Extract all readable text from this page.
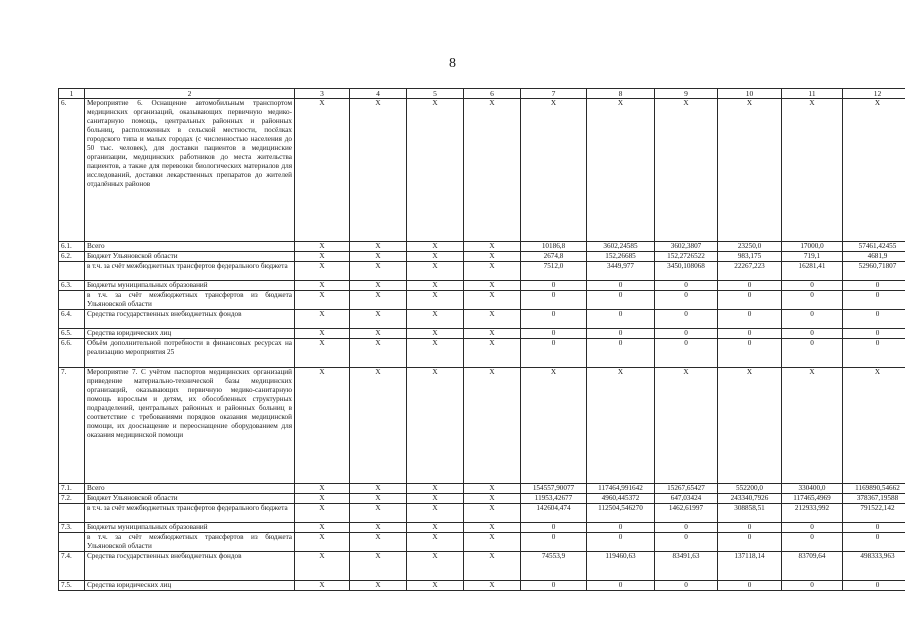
8
1	2	3	4	5	6	7	8	9	10	11	12
6.	Мероприятие 6. Оснащение автомобильным транспортом медицинских организаций, оказывающих первичную медико-санитарную помощь, центральных районных и районных больниц, расположенных в сельской местности, посёлках городского типа и малых городах (с численностью населения до 50 тыс. человек), для доставки пациентов в медицинские организации, медицинских работников до места жительства пациентов, а также для перевозки биологических материалов для исследований, доставки лекарственных препаратов до жителей отдалённых районов	X	X	X	X	X	X	X	X	X	X
6.1.	Всего	X	X	X	X	10186,8	3602,24585	3602,3807	23250,0	17000,0	57461,42455
6.2.	Бюджет Ульяновской области	X	X	X	X	2674,8	152,26685	152,2726522	983,175	719,1	4681,9
	в т.ч. за счёт межбюджетных трансфертов федерального бюджета	X	X	X	X	7512,0	3449,977	3450,108068	22267,223	16281,41	52960,71807
6.3.	Бюджеты муниципальных образований	X	X	X	X	0	0	0	0	0	0
	в т.ч. за счёт межбюджетных трансфертов из бюджета Ульяновской области	X	X	X	X	0	0	0	0	0	0
6.4.	Средства государственных внебюджетных фондов	X	X	X	X	0	0	0	0	0	0
6.5.	Средства юридических лиц	X	X	X	X	0	0	0	0	0	0
6.6.	Объём дополнительной потребности в финансовых ресурсах на реализацию мероприятия 25	X	X	X	X	0	0	0	0	0	0
7.	Мероприятие 7. С учётом паспортов медицинских организаций приведение материально-технической базы медицинских организаций, оказывающих первичную медико-санитарную помощь взрослым и детям, их обособленных структурных подразделений, центральных районных и районных больниц в соответствие с требованиями порядков оказания медицинской помощи, их дооснащение и переоснащение оборудованием для оказания медицинской помощи	X	X	X	X	X	X	X	X	X	X
7.1.	Всего	X	X	X	X	154557,90077	117464,991642	15267,65427	552200,0	330400,0	1169890,54662
7.2.	Бюджет Ульяновской области	X	X	X	X	11953,42677	4960,445372	647,03424	243340,7926	117465,4969	378367,19588
	в т.ч. за счёт межбюджетных трансфертов федерального бюджета	X	X	X	X	142604,474	112504,546270	1462,61997	308858,51	212933,992	791522,142
7.3.	Бюджеты муниципальных образований	X	X	X	X	0	0	0	0	0	0
	в т.ч. за счёт межбюджетных трансфертов из бюджета Ульяновской области	X	X	X	X	0	0	0	0	0	0
7.4.	Средства государственных внебюджетных фондов	X	X	X	X	74553,9	119460,63	83491,63	137118,14	83709,64	498333,963
7.5.	Средства юридических лиц	X	X	X	X	0	0	0	0	0	0
